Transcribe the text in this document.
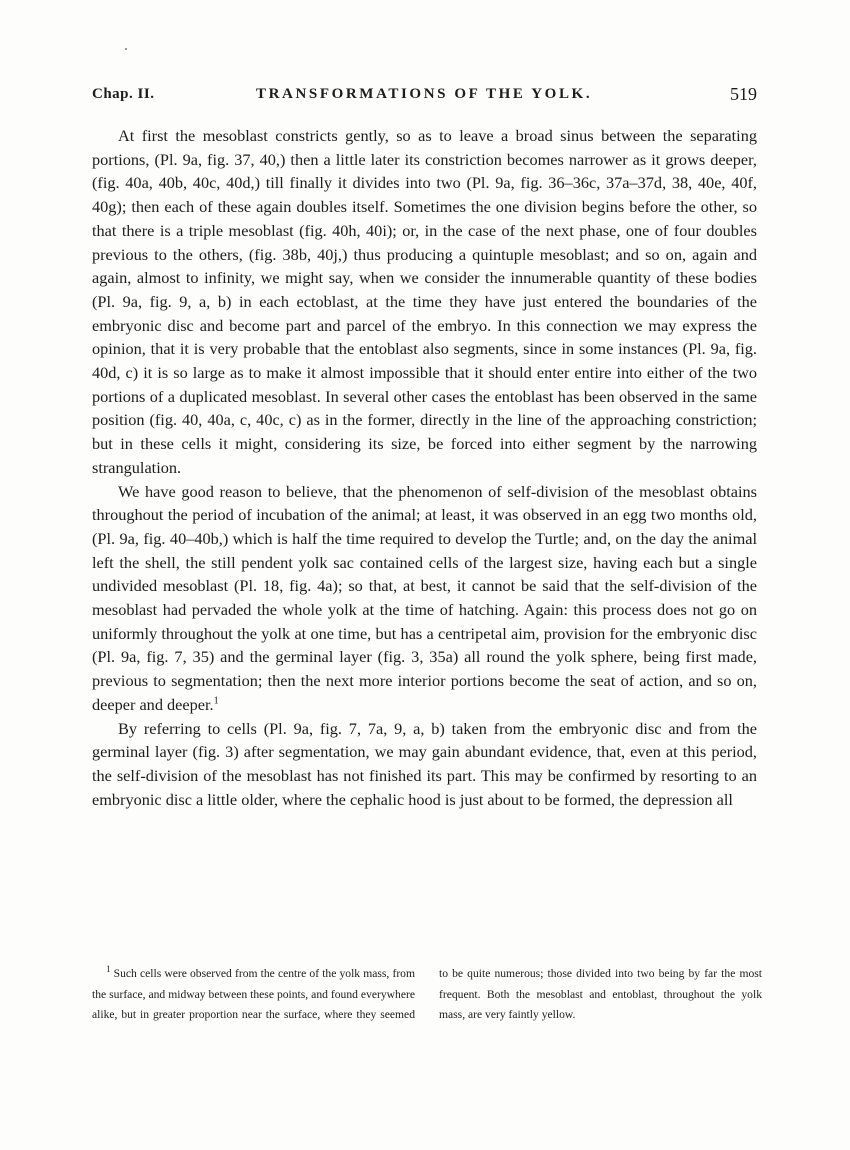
Chap. II.	TRANSFORMATIONS OF THE YOLK.	519

At first the mesoblast constricts gently, so as to leave a broad sinus between the separating portions, (Pl. 9a, fig. 37, 40,) then a little later its constriction becomes narrower as it grows deeper, (fig. 40a, 40b, 40c, 40d,) till finally it divides into two (Pl. 9a, fig. 36–36c, 37a–37d, 38, 40e, 40f, 40g); then each of these again doubles itself. Sometimes the one division begins before the other, so that there is a triple mesoblast (fig. 40h, 40i); or, in the case of the next phase, one of four doubles previous to the others, (fig. 38b, 40j,) thus producing a quintuple mesoblast; and so on, again and again, almost to infinity, we might say, when we consider the innumerable quantity of these bodies (Pl. 9a, fig. 9, a, b) in each ectoblast, at the time they have just entered the boundaries of the embryonic disc and become part and parcel of the embryo. In this connection we may express the opinion, that it is very probable that the entoblast also segments, since in some instances (Pl. 9a, fig. 40d, c) it is so large as to make it almost impossible that it should enter entire into either of the two portions of a duplicated mesoblast. In several other cases the entoblast has been observed in the same position (fig. 40, 40a, c, 40c, c) as in the former, directly in the line of the approaching constriction; but in these cells it might, considering its size, be forced into either segment by the narrowing strangulation.

We have good reason to believe, that the phenomenon of self-division of the mesoblast obtains throughout the period of incubation of the animal; at least, it was observed in an egg two months old, (Pl. 9a, fig. 40–40b,) which is half the time required to develop the Turtle; and, on the day the animal left the shell, the still pendent yolk sac contained cells of the largest size, having each but a single undivided mesoblast (Pl. 18, fig. 4a); so that, at best, it cannot be said that the self-division of the mesoblast had pervaded the whole yolk at the time of hatching. Again: this process does not go on uniformly throughout the yolk at one time, but has a centripetal aim, provision for the embryonic disc (Pl. 9a, fig. 7, 35) and the germinal layer (fig. 3, 35a) all round the yolk sphere, being first made, previous to segmentation; then the next more interior portions become the seat of action, and so on, deeper and deeper.$^1$

By referring to cells (Pl. 9a, fig. 7, 7a, 9, a, b) taken from the embryonic disc and from the germinal layer (fig. 3) after segmentation, we may gain abundant evidence, that, even at this period, the self-division of the mesoblast has not finished its part. This may be confirmed by resorting to an embryonic disc a little older, where the cephalic hood is just about to be formed, the depression all

$^1$ Such cells were observed from the centre of the yolk mass, from the surface, and midway between these points, and found everywhere alike, but in greater proportion near the surface, where they seemed to be quite numerous; those divided into two being by far the most frequent. Both the mesoblast and entoblast, throughout the yolk mass, are very faintly yellow.
